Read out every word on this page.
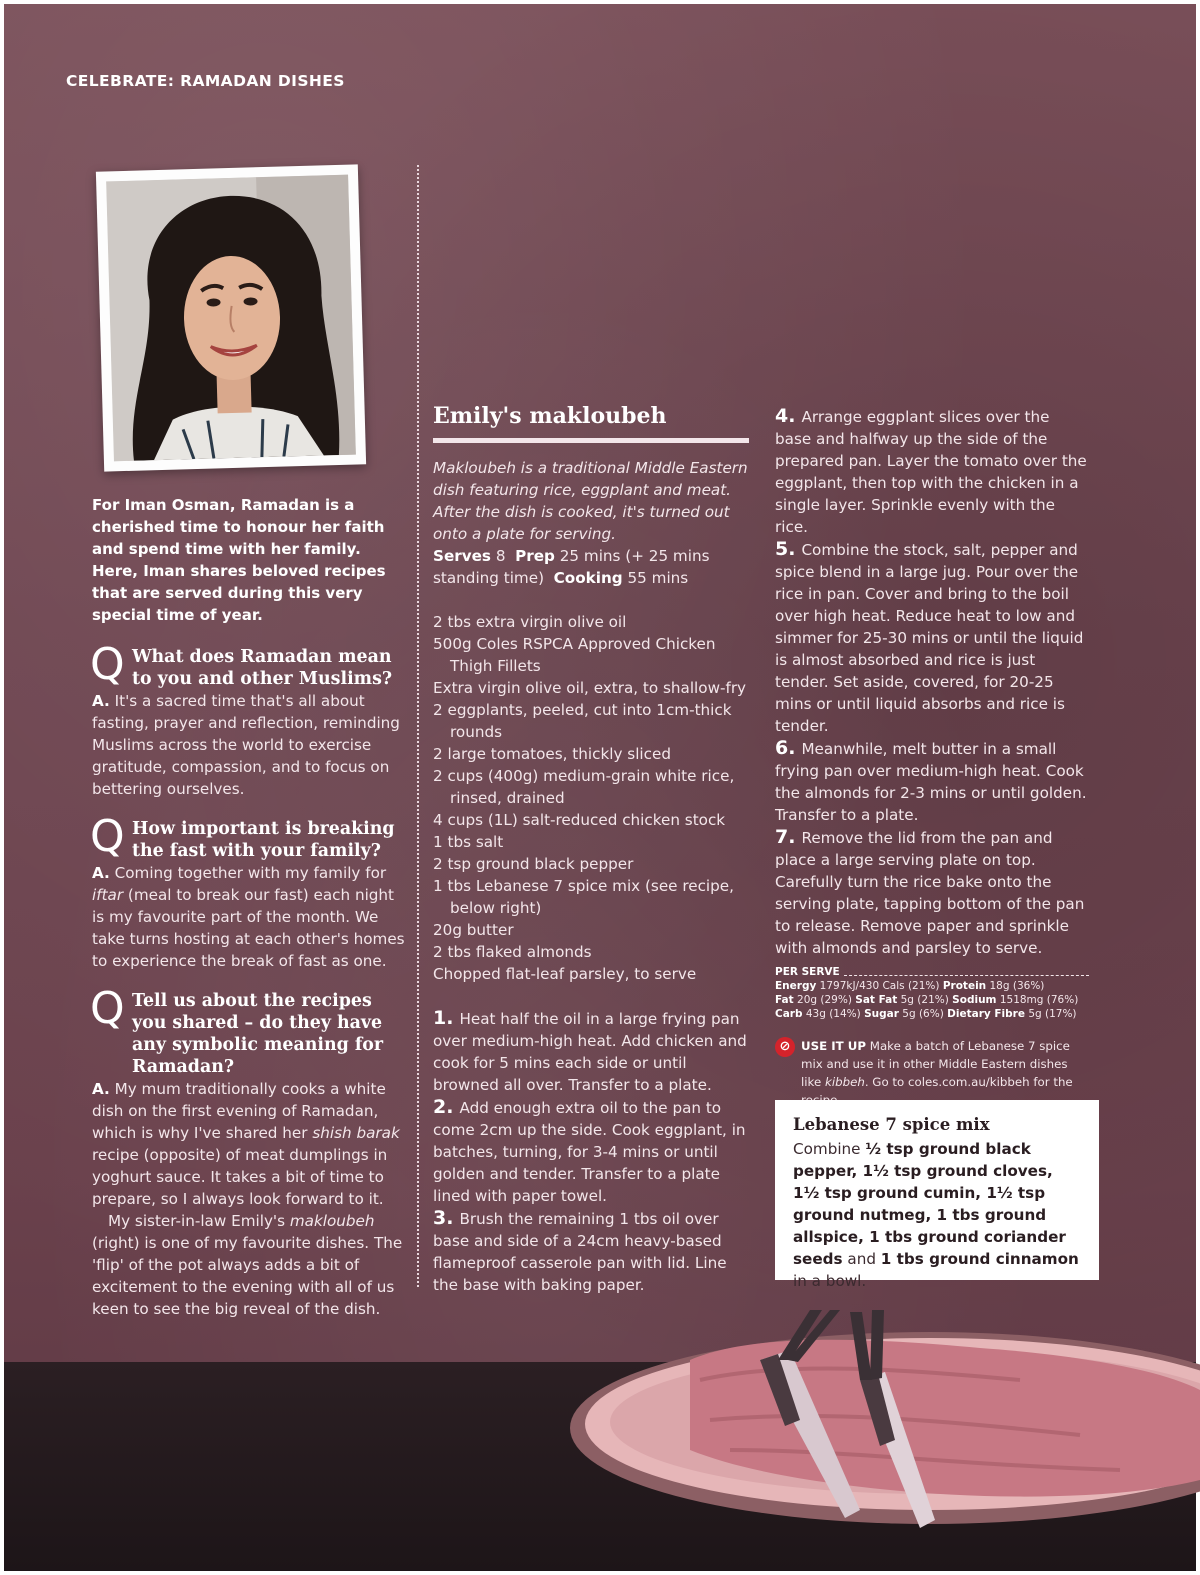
CELEBRATE: RAMADAN DISHES

For Iman Osman, Ramadan is a cherished time to honour her faith and spend time with her family. Here, Iman shares beloved recipes that are served during this very special time of year.

Q What does Ramadan mean to you and other Muslims?

A. It's a sacred time that's all about fasting, prayer and reflection, reminding Muslims across the world to exercise gratitude, compassion, and to focus on bettering ourselves.

Q How important is breaking the fast with your family?

A. Coming together with my family for iftar (meal to break our fast) each night is my favourite part of the month. We take turns hosting at each other's homes to experience the break of fast as one.

Q Tell us about the recipes you shared – do they have any symbolic meaning for Ramadan?

A. My mum traditionally cooks a white dish on the first evening of Ramadan, which is why I've shared her shish barak recipe (opposite) of meat dumplings in yoghurt sauce. It takes a bit of time to prepare, so I always look forward to it.

My sister-in-law Emily's makloubeh (right) is one of my favourite dishes. The 'flip' of the pot always adds a bit of excitement to the evening with all of us keen to see the big reveal of the dish.

Emily's makloubeh

Makloubeh is a traditional Middle Eastern dish featuring rice, eggplant and meat. After the dish is cooked, it's turned out onto a plate for serving.

Serves 8 Prep 25 mins (+ 25 mins standing time) Cooking 55 mins

2 tbs extra virgin olive oil
500g Coles RSPCA Approved Chicken Thigh Fillets
Extra virgin olive oil, extra, to shallow-fry
2 eggplants, peeled, cut into 1cm-thick rounds
2 large tomatoes, thickly sliced
2 cups (400g) medium-grain white rice, rinsed, drained
4 cups (1L) salt-reduced chicken stock
1 tbs salt
2 tsp ground black pepper
1 tbs Lebanese 7 spice mix (see recipe, below right)
20g butter
2 tbs flaked almonds
Chopped flat-leaf parsley, to serve
1. Heat half the oil in a large frying pan over medium-high heat. Add chicken and cook for 5 mins each side or until browned all over. Transfer to a plate.
2. Add enough extra oil to the pan to come 2cm up the side. Cook eggplant, in batches, turning, for 3-4 mins or until golden and tender. Transfer to a plate lined with paper towel.
3. Brush the remaining 1 tbs oil over base and side of a 24cm heavy-based flameproof casserole pan with lid. Line the base with baking paper.
4. Arrange eggplant slices over the base and halfway up the side of the prepared pan. Layer the tomato over the eggplant, then top with the chicken in a single layer. Sprinkle evenly with the rice.
5. Combine the stock, salt, pepper and spice blend in a large jug. Pour over the rice in pan. Cover and bring to the boil over high heat. Reduce heat to low and simmer for 25-30 mins or until the liquid is almost absorbed and rice is just tender. Set aside, covered, for 20-25 mins or until liquid absorbs and rice is tender.
6. Meanwhile, melt butter in a small frying pan over medium-high heat. Cook the almonds for 2-3 mins or until golden. Transfer to a plate.
7. Remove the lid from the pan and place a large serving plate on top. Carefully turn the rice bake onto the serving plate, tapping bottom of the pan to release. Remove paper and sprinkle with almonds and parsley to serve.
PER SERVE
Energy 1797kJ/430 Cals (21%) Protein 18g (36%)
Fat 20g (29%) Sat Fat 5g (21%) Sodium 1518mg (76%)
Carb 43g (14%) Sugar 5g (6%) Dietary Fibre 5g (17%)
⊘ USE IT UP Make a batch of Lebanese 7 spice mix and use it in other Middle Eastern dishes like kibbeh. Go to coles.com.au/kibbeh for the
Lebanese 7 spice mix
Combine ½ tsp ground black pepper, 1½ tsp ground cloves, 1½ tsp ground cumin, 1½ tsp ground nutmeg, 1 tbs ground allspice, 1 tbs ground coriander seeds and 1 tbs ground cinnamon in a bowl.
